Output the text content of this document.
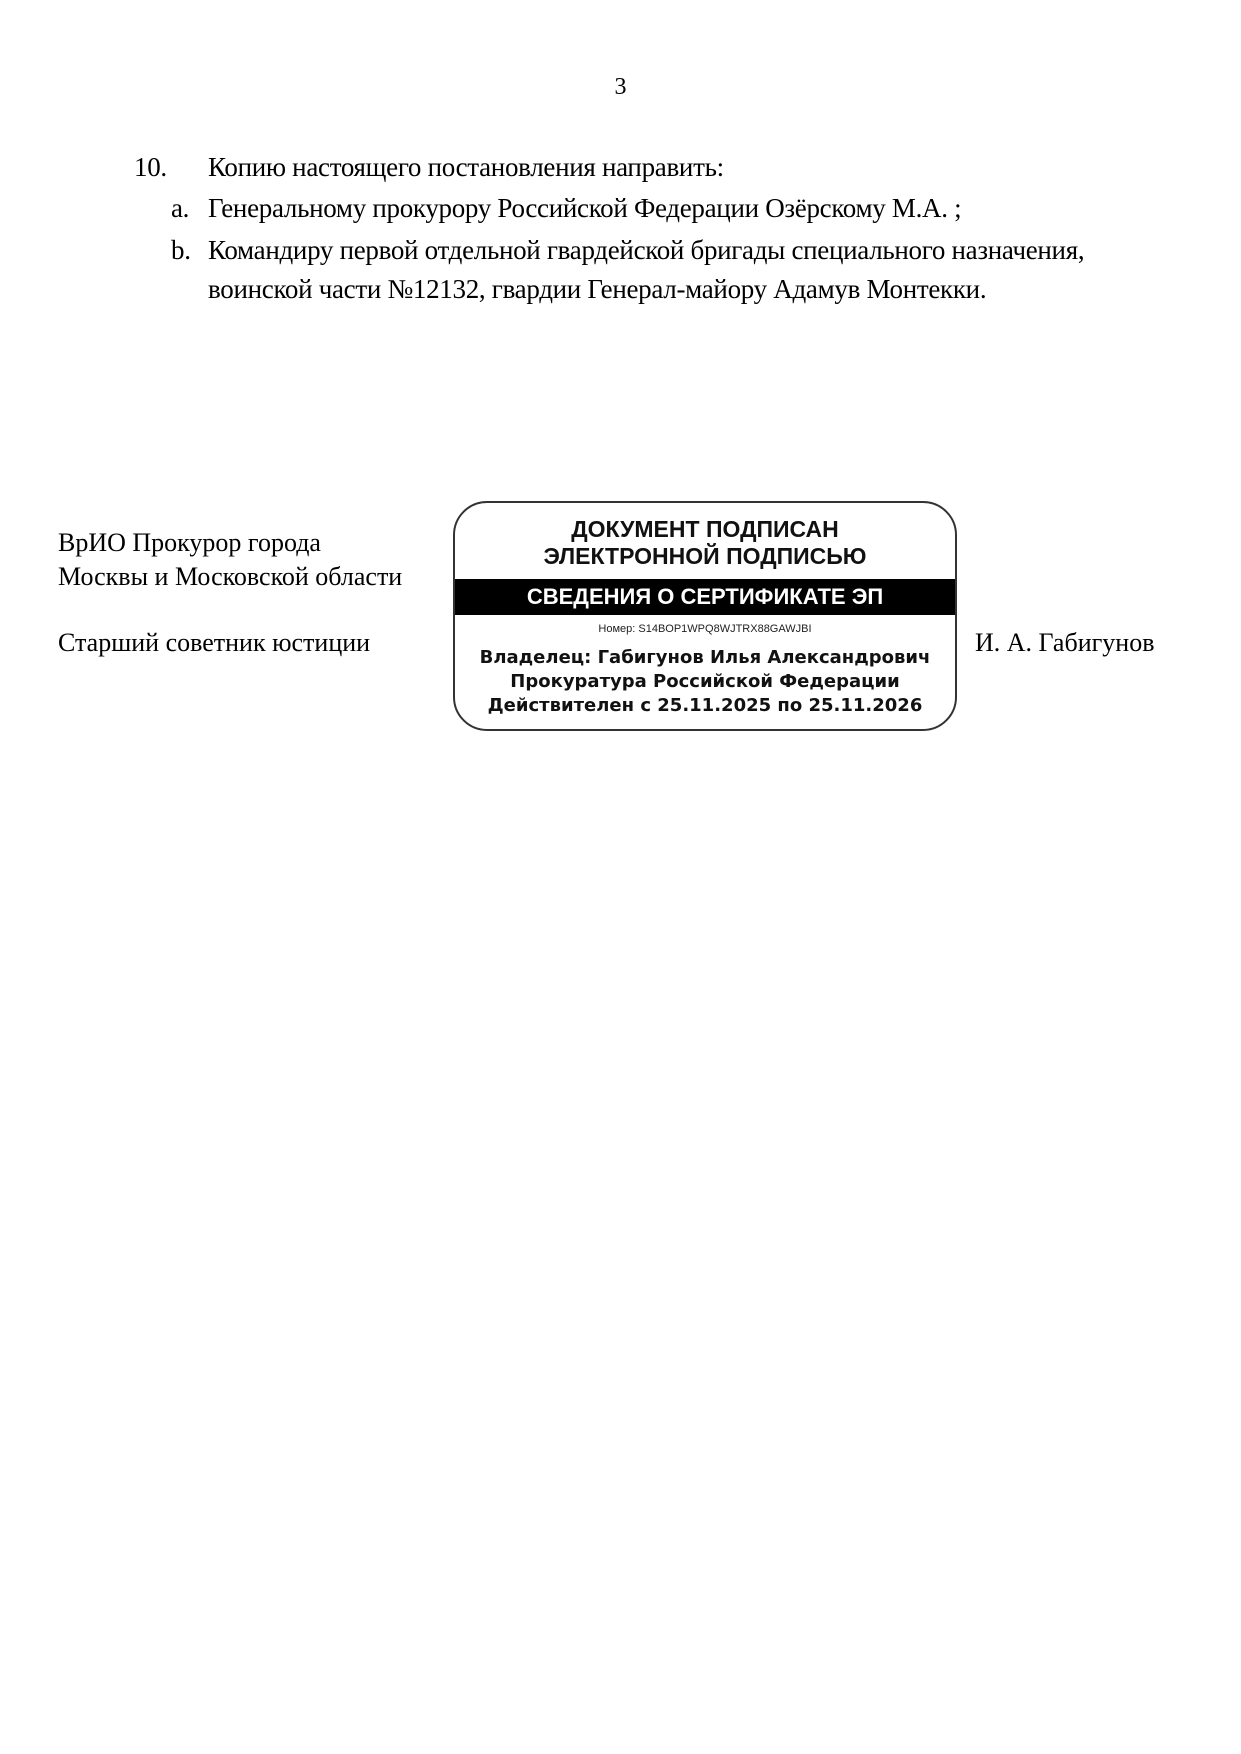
3
10. Копию настоящего постановления направить:
a. Генеральному прокурору Российской Федерации Озёрскому М.А. ;
b. Командиру первой отдельной гвардейской бригады специального назначения,
воинской части №12132, гвардии Генерал-майору Адамув Монтекки.
ВрИО Прокурор города
Москвы и Московской области
Старший советник юстиции	И. А. Габигунов
ДОКУМЕНТ ПОДПИСАН
ЭЛЕКТРОННОЙ ПОДПИСЬЮ
СВЕДЕНИЯ О СЕРТИФИКАТЕ ЭП
Номер: S14BOP1WPQ8WJTRX88GAWJBI
Владелец: Габигунов Илья Александрович
Прокуратура Российской Федерации
Действителен с 25.11.2025 по 25.11.2026
